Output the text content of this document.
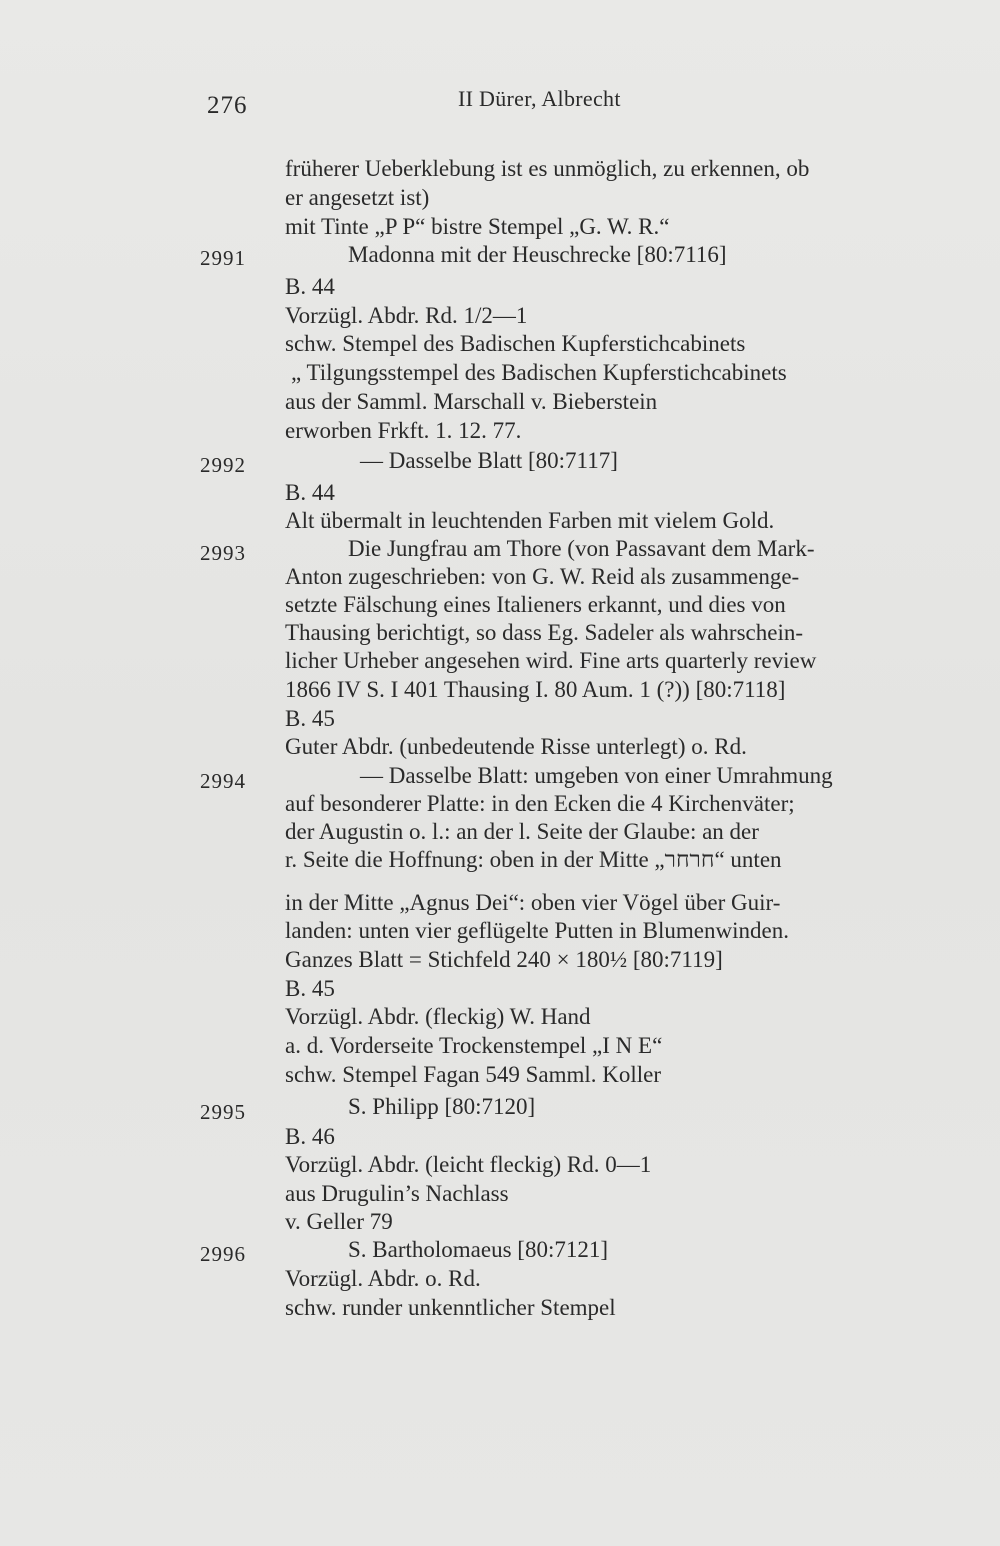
276	II Dürer, Albrecht
früherer Ueberklebung ist es unmöglich, zu erkennen, ob
er angesetzt ist)
mit Tinte „P P“ bistre Stempel „G. W. R.“
2991	Madonna mit der Heuschrecke [80:7116]
B. 44
Vorzügl. Abdr. Rd. 1/2—1
schw. Stempel des Badischen Kupferstichcabinets
„ Tilgungsstempel des Badischen Kupferstichcabinets
aus der Samml. Marschall v. Bieberstein
erworben Frkft. 1. 12. 77.
2992	— Dasselbe Blatt [80:7117]
B. 44
Alt übermalt in leuchtenden Farben mit vielem Gold.
2993	Die Jungfrau am Thore (von Passavant dem Mark-
Anton zugeschrieben: von G. W. Reid als zusammenge-
setzte Fälschung eines Italieners erkannt, und dies von
Thausing berichtigt, so dass Eg. Sadeler als wahrschein-
licher Urheber angesehen wird. Fine arts quarterly review
1866 IV S. I 401 Thausing I. 80 Aum. 1 (?)) [80:7118]
B. 45
Guter Abdr. (unbedeutende Risse unterlegt) o. Rd.
2994	— Dasselbe Blatt: umgeben von einer Umrahmung
auf besonderer Platte: in den Ecken die 4 Kirchenväter;
der Augustin o. l.: an der l. Seite der Glaube: an der
r. Seite die Hoffnung: oben in der Mitte „חרחר“ unten
in der Mitte „Agnus Dei“: oben vier Vögel über Guir-
landen: unten vier geflügelte Putten in Blumenwinden.
Ganzes Blatt = Stichfeld 240 × 180½ [80:7119]
B. 45
Vorzügl. Abdr. (fleckig) W. Hand
a. d. Vorderseite Trockenstempel „I N E“
schw. Stempel Fagan 549 Samml. Koller
2995	S. Philipp [80:7120]
B. 46
Vorzügl. Abdr. (leicht fleckig) Rd. 0—1
aus Drugulin’s Nachlass
v. Geller 79
2996	S. Bartholomaeus [80:7121]
Vorzügl. Abdr. o. Rd.
schw. runder unkenntlicher Stempel
